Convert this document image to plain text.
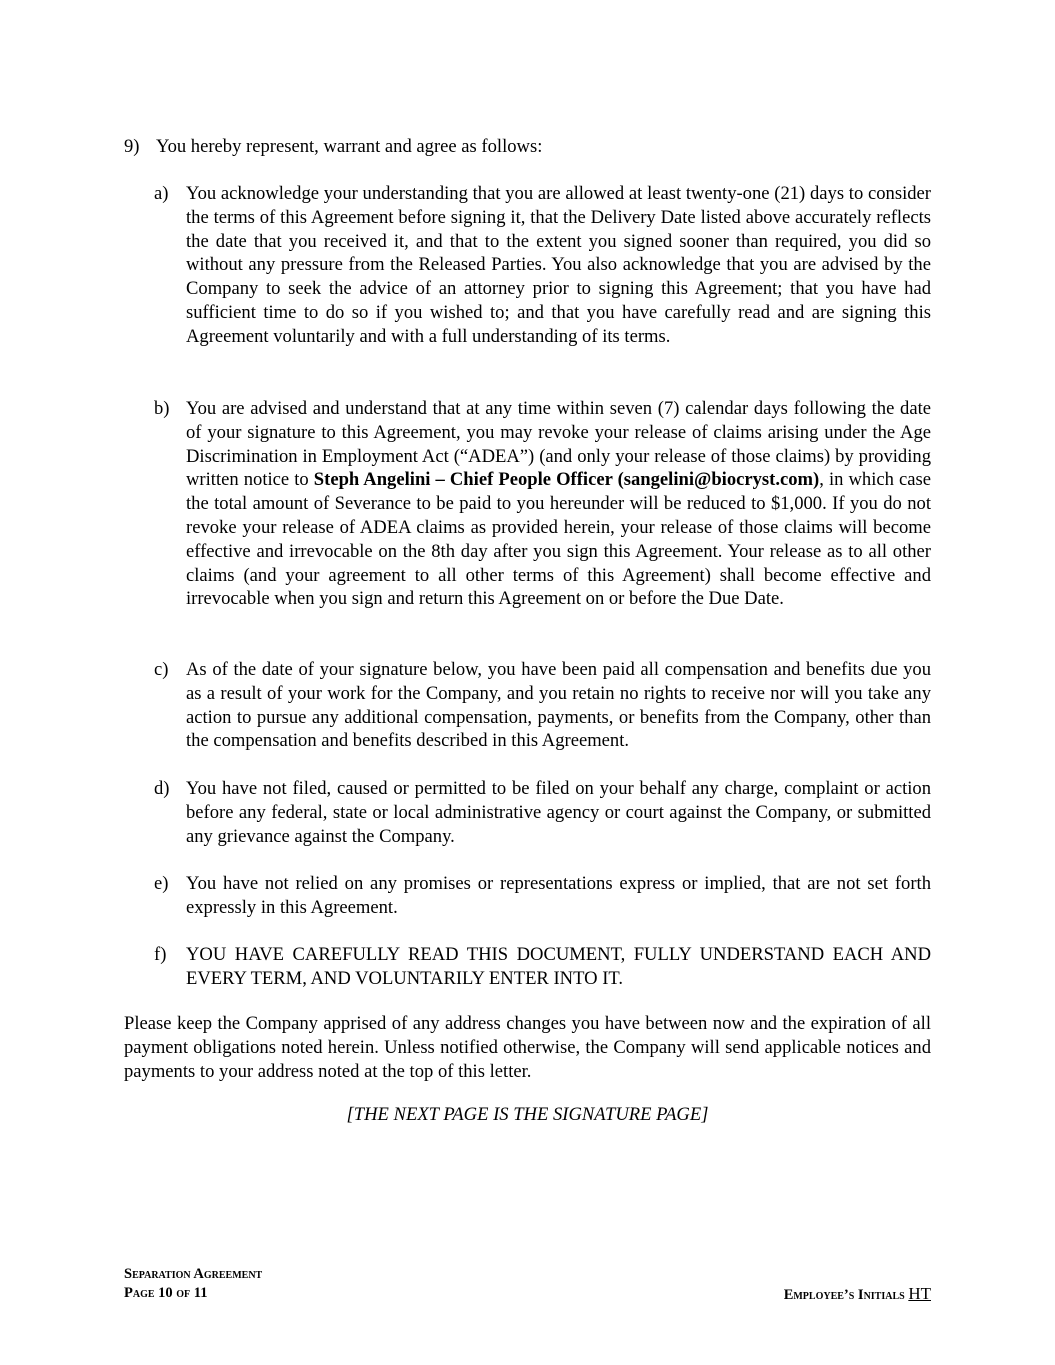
9) You hereby represent, warrant and agree as follows:
a) You acknowledge your understanding that you are allowed at least twenty-one (21) days to consider the terms of this Agreement before signing it, that the Delivery Date listed above accurately reflects the date that you received it, and that to the extent you signed sooner than required, you did so without any pressure from the Released Parties. You also acknowledge that you are advised by the Company to seek the advice of an attorney prior to signing this Agreement; that you have had sufficient time to do so if you wished to; and that you have carefully read and are signing this Agreement voluntarily and with a full understanding of its terms.
b) You are advised and understand that at any time within seven (7) calendar days following the date of your signature to this Agreement, you may revoke your release of claims arising under the Age Discrimination in Employment Act (“ADEA”) (and only your release of those claims) by providing written notice to Steph Angelini – Chief People Officer (sangelini@biocryst.com), in which case the total amount of Severance to be paid to you hereunder will be reduced to $1,000. If you do not revoke your release of ADEA claims as provided herein, your release of those claims will become effective and irrevocable on the 8th day after you sign this Agreement. Your release as to all other claims (and your agreement to all other terms of this Agreement) shall become effective and irrevocable when you sign and return this Agreement on or before the Due Date.
c) As of the date of your signature below, you have been paid all compensation and benefits due you as a result of your work for the Company, and you retain no rights to receive nor will you take any action to pursue any additional compensation, payments, or benefits from the Company, other than the compensation and benefits described in this Agreement.
d) You have not filed, caused or permitted to be filed on your behalf any charge, complaint or action before any federal, state or local administrative agency or court against the Company, or submitted any grievance against the Company.
e) You have not relied on any promises or representations express or implied, that are not set forth expressly in this Agreement.
f)	YOU HAVE CAREFULLY READ THIS DOCUMENT, FULLY UNDERSTAND EACH AND EVERY TERM, AND VOLUNTARILY ENTER INTO IT.
Please keep the Company apprised of any address changes you have between now and the expiration of all payment obligations noted herein. Unless notified otherwise, the Company will send applicable notices and payments to your address noted at the top of this letter.
[THE NEXT PAGE IS THE SIGNATURE PAGE]
Separation Agreement
Page 10 of 11	Employee’s Initials HT
